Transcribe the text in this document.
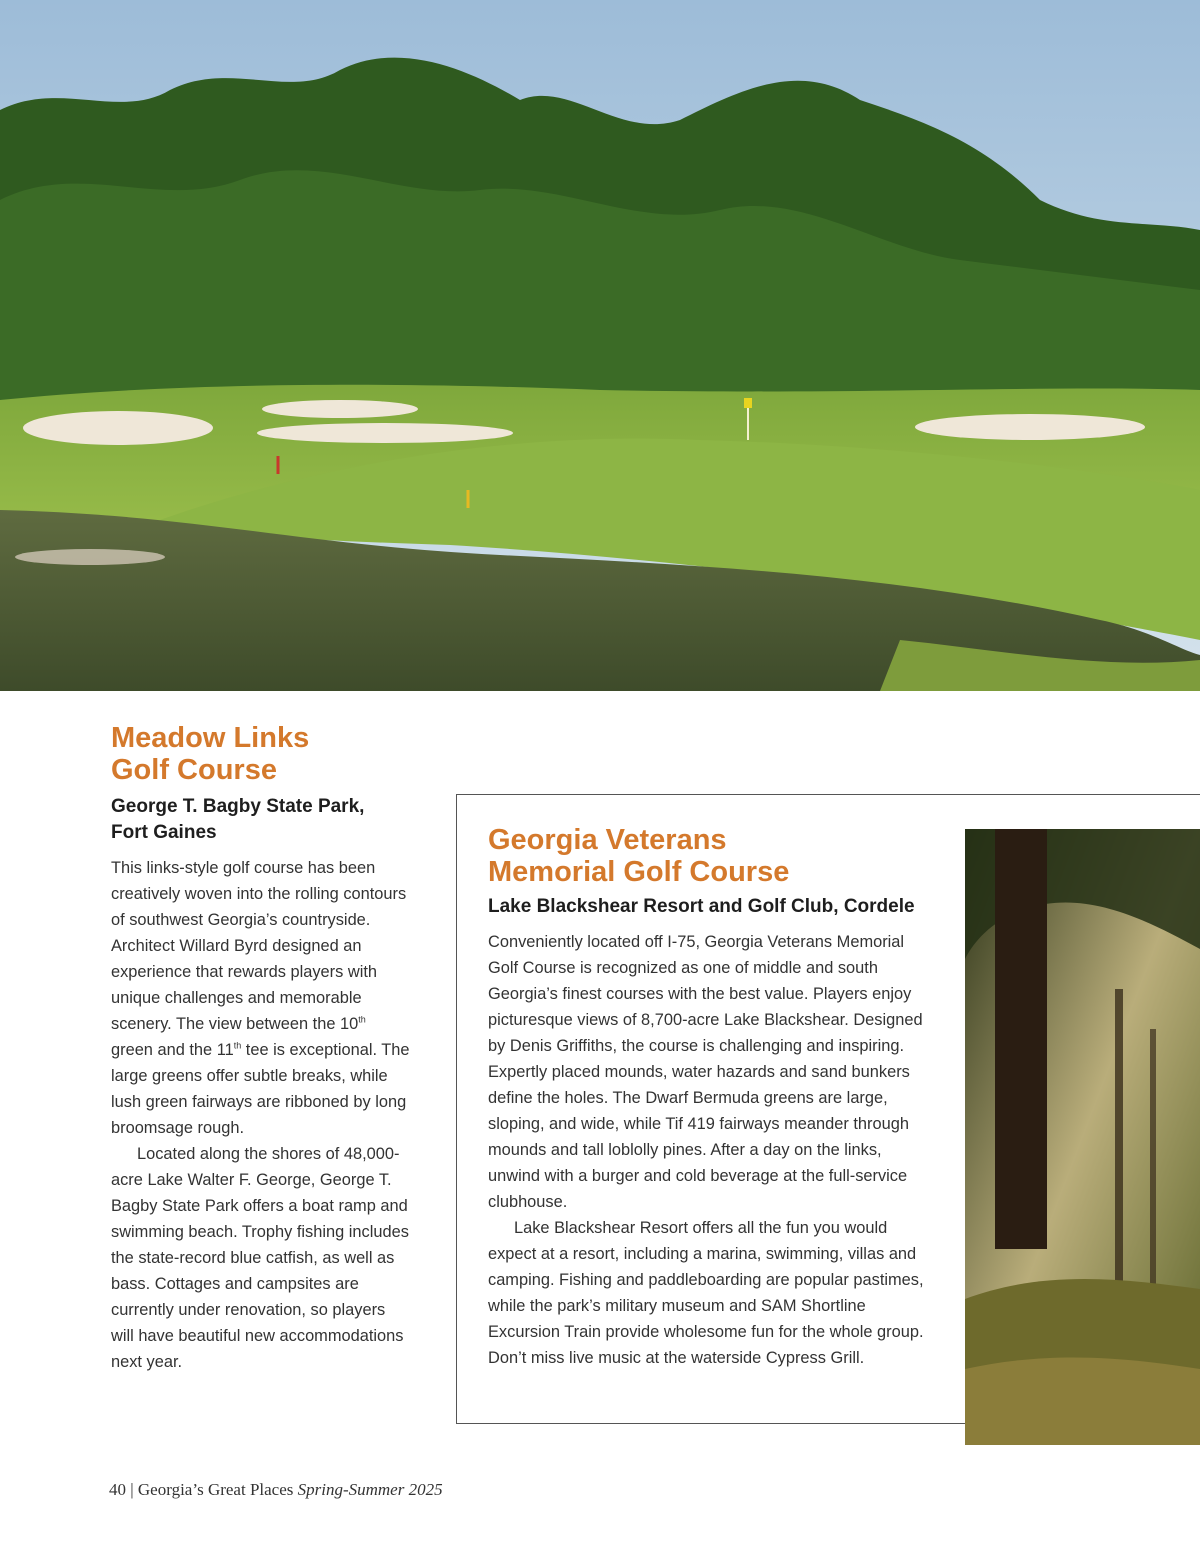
Meadow Links
Golf Course
George T. Bagby State Park,
Fort Gaines

This links-style golf course has been creatively woven into the rolling contours of southwest Georgia’s countryside. Architect Willard Byrd designed an experience that rewards players with unique challenges and memorable scenery. The view between the 10th green and the 11th tee is exceptional. The large greens offer subtle breaks, while lush green fairways are ribboned by long broomsage rough.

Located along the shores of 48,000-acre Lake Walter F. George, George T. Bagby State Park offers a boat ramp and swimming beach. Trophy fishing includes the state-record blue catfish, as well as bass. Cottages and campsites are currently under renovation, so players will have beautiful new accommodations next year.

Georgia Veterans
Memorial Golf Course
Lake Blackshear Resort and Golf Club, Cordele

Conveniently located off I-75, Georgia Veterans Memorial Golf Course is recognized as one of middle and south Georgia’s finest courses with the best value. Players enjoy picturesque views of 8,700-acre Lake Blackshear. Designed by Denis Griffiths, the course is challenging and inspiring. Expertly placed mounds, water hazards and sand bunkers define the holes. The Dwarf Bermuda greens are large, sloping, and wide, while Tif 419 fairways meander through mounds and tall loblolly pines. After a day on the links, unwind with a burger and cold beverage at the full-service clubhouse.

Lake Blackshear Resort offers all the fun you would expect at a resort, including a marina, swimming, villas and camping. Fishing and paddleboarding are popular pastimes, while the park’s military museum and SAM Shortline Excursion Train provide wholesome fun for the whole group. Don’t miss live music at the waterside Cypress Grill.

40 | Georgia’s Great Places Spring-Summer 2025
